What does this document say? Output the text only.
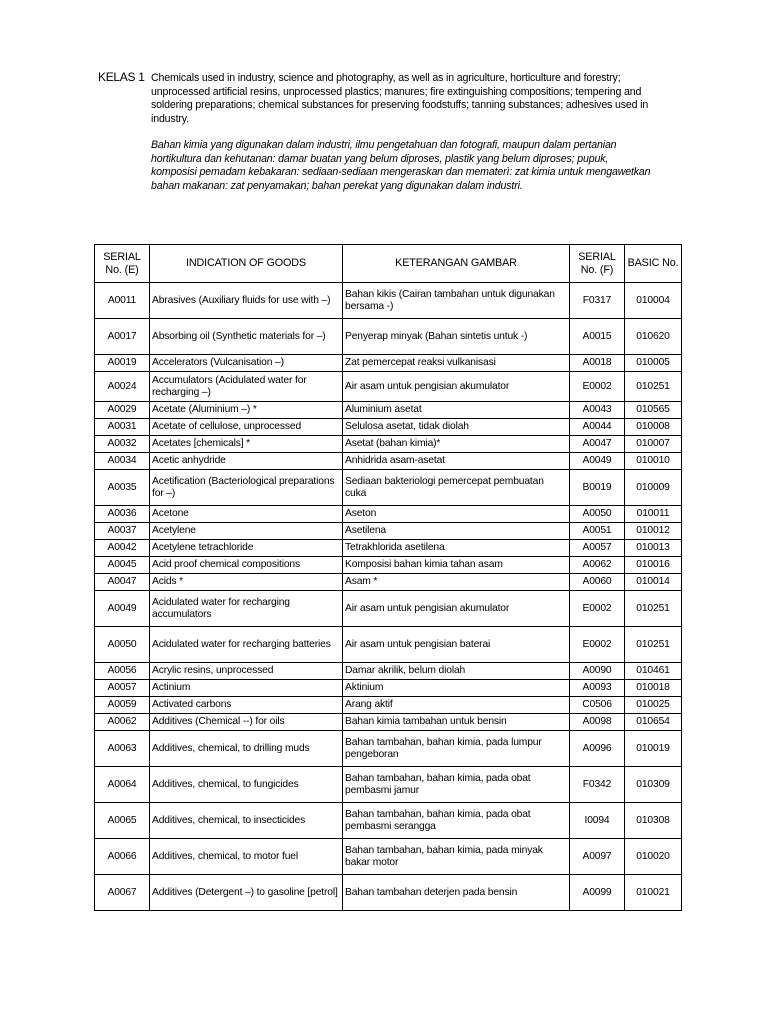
KELAS 1 Chemicals used in industry, science and photography, as well as in agriculture, horticulture and forestry; unprocessed artificial resins, unprocessed plastics; manures; fire extinguishing compositions; tempering and soldering preparations; chemical substances for preserving foodstuffs; tanning substances; adhesives used in industry.
Bahan kimia yang digunakan dalam industri, ilmu pengetahuan dan fotografi, maupun dalam pertanian hortikultura dan kehutanan: damar buatan yang belum diproses, plastik yang belum diproses; pupuk, komposisi pemadam kebakaran: sediaan-sediaan mengeraskan dan mematerì: zat kimia untuk mengawetkan bahan makanan: zat penyamakan; bahan perekat yang digunakan dalam industri.
SERIAL No. (E)	INDICATION OF GOODS	KETERANGAN GAMBAR	SERIAL No. (F)	BASIC No.
A0011	Abrasives (Auxiliary fluids for use with –)	Bahan kikis (Cairan tambahan untuk digunakan bersama -)	F0317	010004
A0017	Absorbing oil (Synthetic materials for –)	Penyerap minyak (Bahan sintetis untuk -)	A0015	010620
A0019	Accelerators (Vulcanisation –)	Zat pemercepat reaksi vulkanisasi	A0018	010005
A0024	Accumulators (Acidulated water for recharging –)	Air asam untuk pengisian akumulator	E0002	010251
A0029	Acetate (Aluminium –) *	Aluminium asetat	A0043	010565
A0031	Acetate of cellulose, unprocessed	Selulosa asetat, tidak diolah	A0044	010008
A0032	Acetates [chemicals] *	Asetat (bahan kimia)*	A0047	010007
A0034	Acetic anhydride	Anhidrida asam-asetat	A0049	010010
A0035	Acetification (Bacteriological preparations for –)	Sediaan bakteriologi pemercepat pembuatan cuka	B0019	010009
A0036	Acetone	Aseton	A0050	010011
A0037	Acetylene	Asetilena	A0051	010012
A0042	Acetylene tetrachloride	Tetrakhlorida asetilena	A0057	010013
A0045	Acid proof chemical compositions	Komposisi bahan kimia tahan asam	A0062	010016
A0047	Acids *	Asam *	A0060	010014
A0049	Acidulated water for recharging accumulators	Air asam untuk pengisian akumulator	E0002	010251
A0050	Acidulated water for recharging batteries	Air asam untuk pengisian baterai	E0002	010251
A0056	Acrylic resins, unprocessed	Damar akrilik, belum diolah	A0090	010461
A0057	Actinium	Aktinium	A0093	010018
A0059	Activated carbons	Arang aktif	C0506	010025
A0062	Additives (Chemical --) for oils	Bahan kimia tambahan untuk bensin	A0098	010654
A0063	Additives, chemical, to drilling muds	Bahan tambahan, bahan kimia, pada lumpur pengeboran	A0096	010019
A0064	Additives, chemical, to fungicides	Bahan tambahan, bahan kimia, pada obat pembasmi jamur	F0342	010309
A0065	Additives, chemical, to insecticides	Bahan tambahan, bahan kimia, pada obat pembasmi serangga	I0094	010308
A0066	Additives, chemical, to motor fuel	Bahan tambahan, bahan kimia, pada minyak bakar motor	A0097	010020
A0067	Additives (Detergent –) to gasoline [petrol]	Bahan tambahan deterjen pada bensin	A0099	010021
